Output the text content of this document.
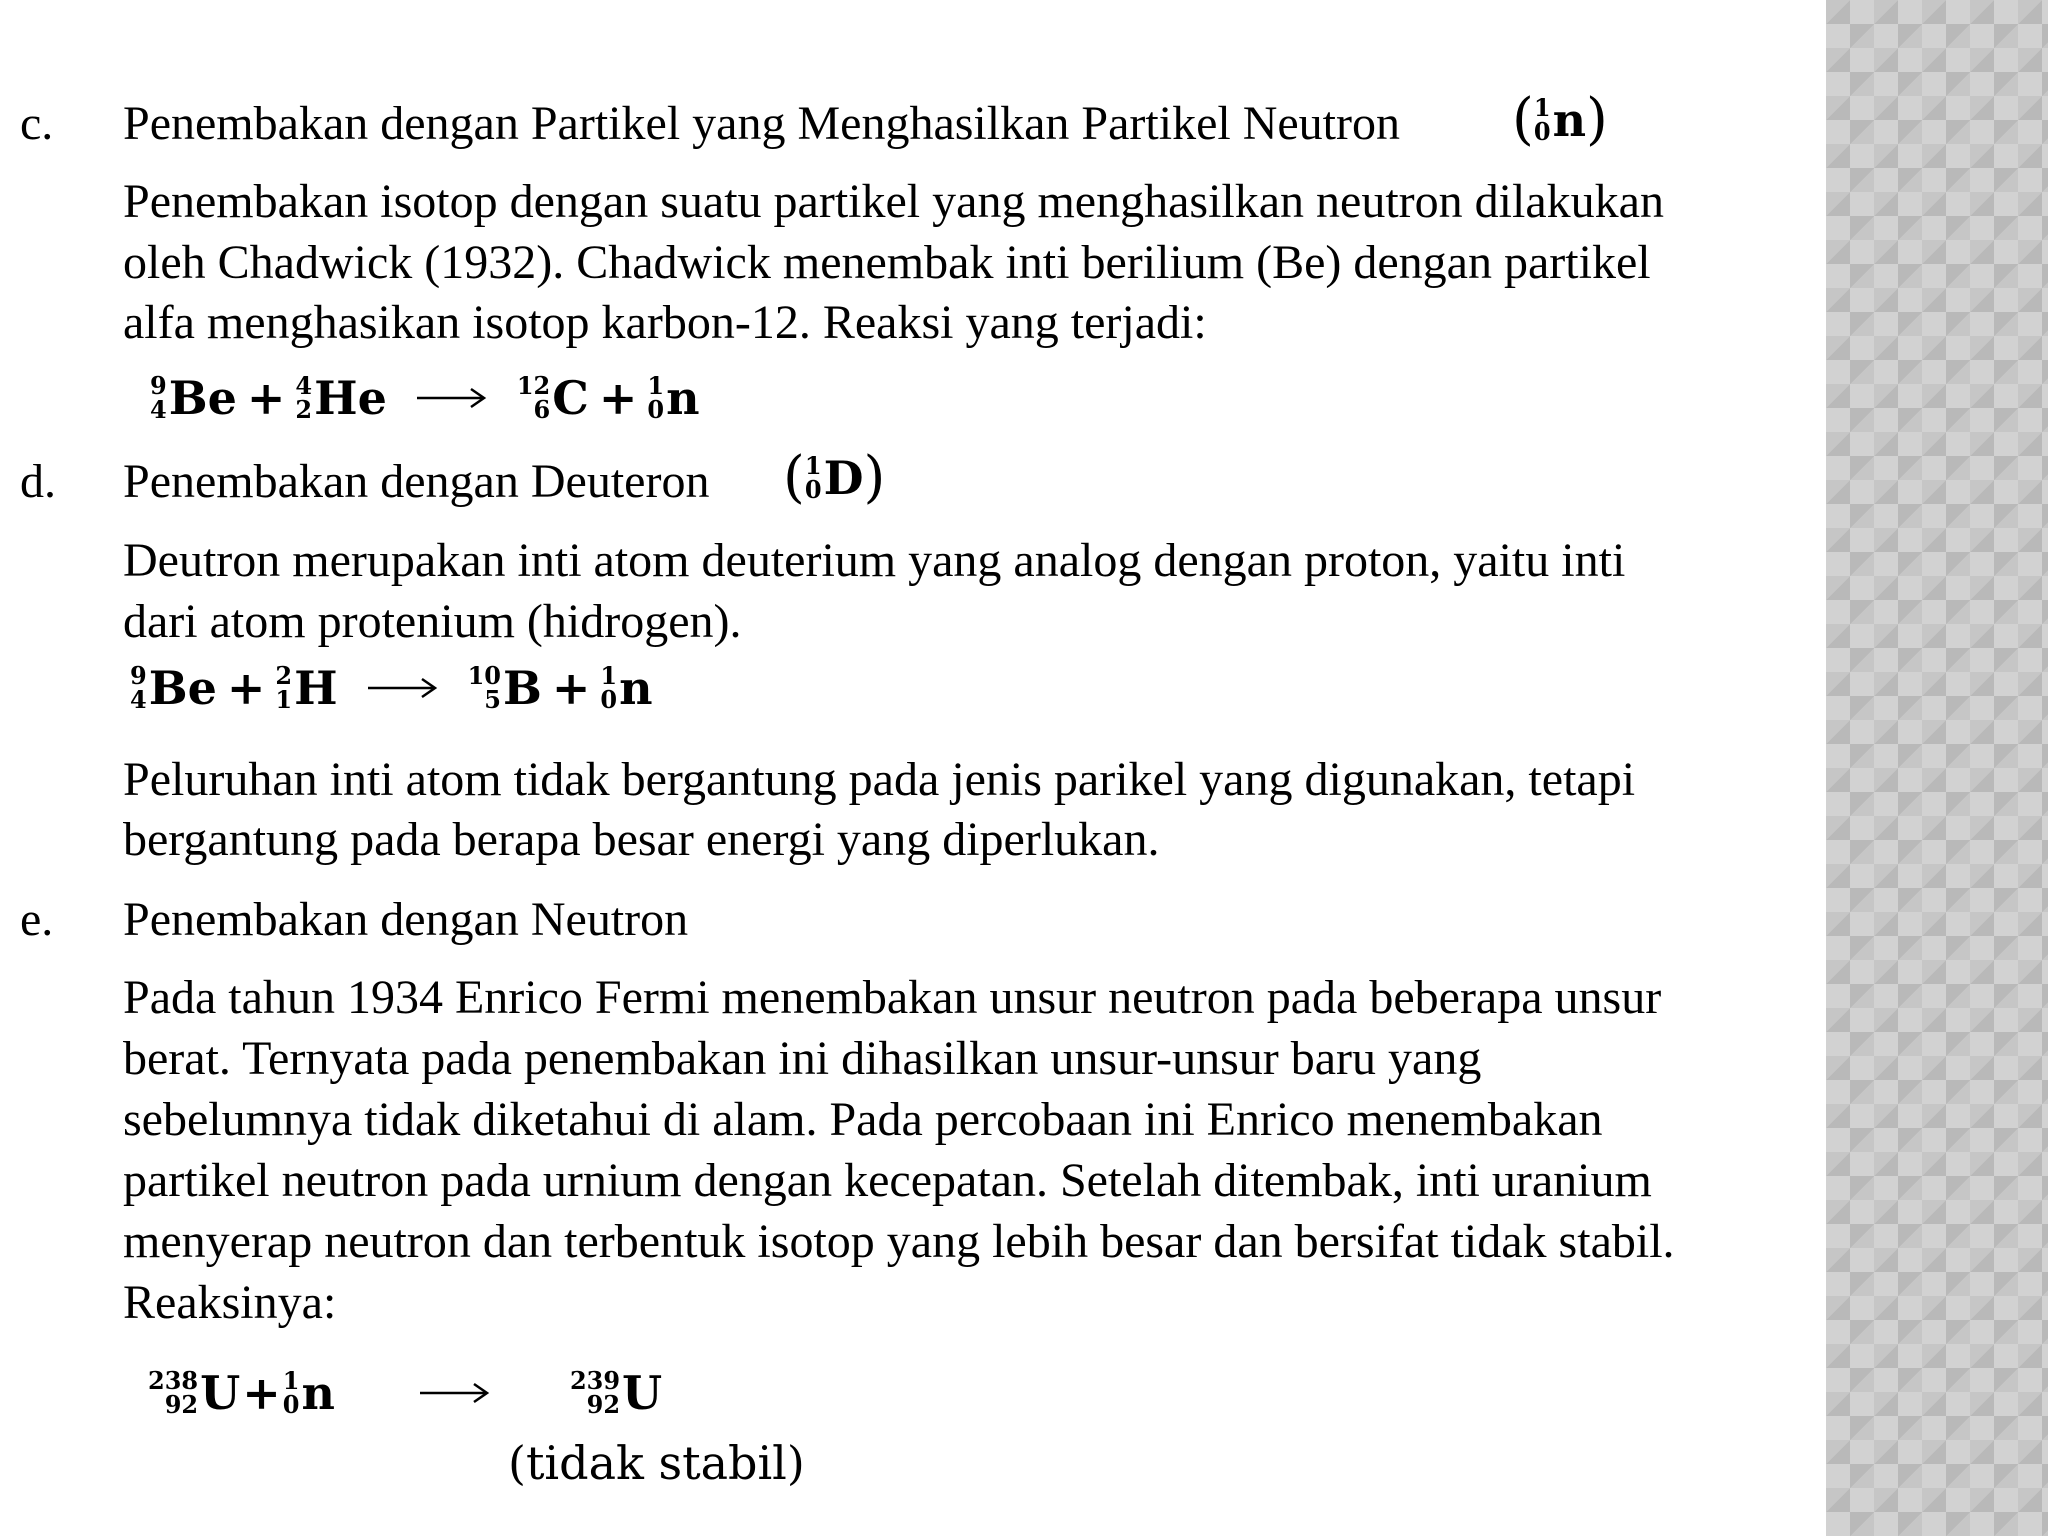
c. Penembakan dengan Partikel yang Menghasilkan Partikel Neutron ( 1
0 n )
Penembakan isotop dengan suatu partikel yang menghasilkan neutron dilakukan
oleh Chadwick (1932). Chadwick menembak inti berilium (Be) dengan partikel
alfa menghasikan isotop karbon-12. Reaksi yang terjadi:
9
4 Be + 4
2 He → 12
6 C + 1
0 n
d. Penembakan dengan Deuteron ( 1
0 D )
Deutron merupakan inti atom deuterium yang analog dengan proton, yaitu inti
dari atom protenium (hidrogen).
9
4 Be + 2
1 H → 10
5 B + 1
0 n
Peluruhan inti atom tidak bergantung pada jenis parikel yang digunakan, tetapi
bergantung pada berapa besar energi yang diperlukan.
e. Penembakan dengan Neutron
Pada tahun 1934 Enrico Fermi menembakan unsur neutron pada beberapa unsur
berat. Ternyata pada penembakan ini dihasilkan unsur-unsur baru yang
sebelumnya tidak diketahui di alam. Pada percobaan ini Enrico menembakan
partikel neutron pada urnium dengan kecepatan. Setelah ditembak, inti uranium
menyerap neutron dan terbentuk isotop yang lebih besar dan bersifat tidak stabil.
Reaksinya:
238
92 U + 1
0 n	239
92 U
(tidak stabil)
